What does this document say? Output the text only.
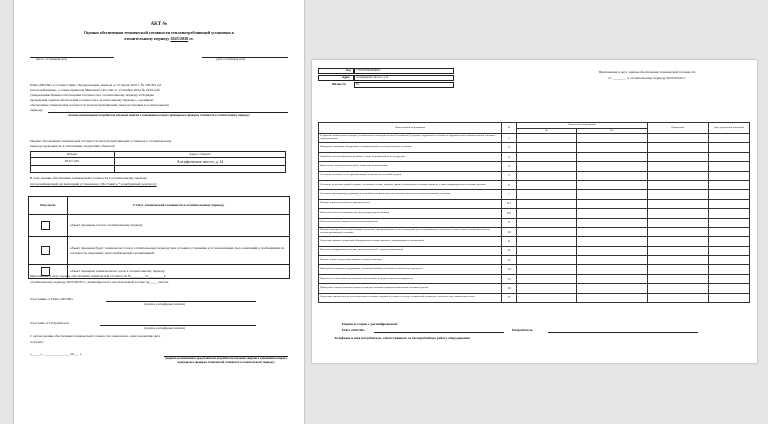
АКТ №
Оценки обеспечения технической готовности теплопотребляющей установки к
отопительному периоду 2025/2026 гг.
(место составления акта)	(дата составления акта)
ПАО «МОЭК» в соответствии с Федеральным законом от 27 июля 2010 г. № 190-ФЗ «О
теплоснабжении», а также приказом Минэнерго России от 13 ноября 2024 № 2234 «Об
утверждении Правил обеспечения готовности к отопительному периоду и Порядка
проведения оценки обеспечения готовности к отопительному периоду», оценивает
обеспечение технической готовности теплопотребляющей энергоустановки к отопительному
периоду:
(полное наименование потребителя тепловой энергии в отношении которого проводилась проверка готовности к отопительному периоду)
Оценка обеспечения технической готовности теплопотребляющих установок к отопительному
периоду проводилась в отношении следующих объектов:
Объект	Адрес объекта
03-07-261	Алтуфьевское шоссе, д.14
В ходе оценки обеспечения технической готовности к отопительному периоду
теплоснабжающей организацией установлено: (Поставить * в выбранный результат)
Результат	Статус технической готовности к отопительному периоду

	объект проверки готов к отопительному периоду

	объект проверки будет технически готов к отопительному периоду при условии устранения в установленный срок замечаний к требованиям по готовности, выданных теплоснабжающей организацией;

	объект проверки технически не готов к отопительному периоду
Приложение к акту оценки обеспечения технической готовности №________от_________к
отопительному периоду 2025/2026 гг., являющееся его неотъемлемой частью на_____листах.
Участники от ПАО «МОЭК»
(подпись, расшифровка подписи)
Участник от Потребителя
(подпись, расшифровка подписи)
С актом оценки обеспечения технической готовности ознакомлен, один экземпляр акта
получил:
«_____» _______________ 20___ г.
(подпись полномочного представителя потребителя тепловой энергии в отношении которого проводилась проверка технической готовности к отопительному периоду)
Код 77567856963840003
Адрес Алтуфьевское шоссе, д.14
Филиал №	05
Приложение к акту оценки обеспечения технической готовности
от ________ к отопительному периоду 2025/2026 гг.
Наименование мероприятия	№	Выполнение мероприятия		Примечание	Дата устранения замечаний
		Да	Нет		
Устранение выявленных в порядке, установленном законодательством Российской Федерации, нарушений в тепловых и гидравлических режимах работы тепловых энергоустановок	1				
Проведение промывки оборудования и коммуникаций теплопотребляющих установок	2				
Разработка эксплуатационных режимов, а также мероприятий по их внедрению	3				
Выполнение плана ремонтных работ и качество их выполнения	4				
Состояние тепловых сетей, принадлежащих потребителю тепловой энергии	5				
Состояние утепления зданий (чердаки, лестничные клетки, подвалы, двери) и центральных тепловых пунктов, а также индивидуальных тепловых пунктов	6				
Состояние трубопроводов, арматуры и тепловой изоляции в пределах тепловых пунктов и теплопотребляющей установки	7				
Наличие и работоспособность приборов учета,	8.1				
Работоспособность автоматических регуляторов при их наличии	8.2				
Работоспособность защиты систем теплопотребления	9				
Наличие паспортов теплопотребляющих установок, принципиальных схем и инструкций для обслуживающего персонала и соответствие их действительности теплопотребляющей установки	10				
Отсутствие прямых соединений оборудования тепловых пунктов с водопроводом и канализацией	11				
Плотность оборудования тепловых пунктов (указать Р и время в примечании)	12				
Наличие пломб на расчетных шайбах и соплах элеваторов	13				
Проведение испытания оборудования теплопотребляющих установок на плотность и прочность	14				
Надежность теплоснабжения потребителей тепловой энергии согласно категорийности	15				
Проведение осмотра теплового пункта на предмет наличия оснащения помещения тепловых пунктов	16				
Отсутствие задолженности за поставленную тепловую энергию (не влияет на статус технической готовности, особенное для заключенного акта)	17				
Подписи сторон с расшифровками:
ПАО «МОЭК»	Потребитель
Телефоны и имя потребителя, ответственного за бесперебойную работу оборудования
